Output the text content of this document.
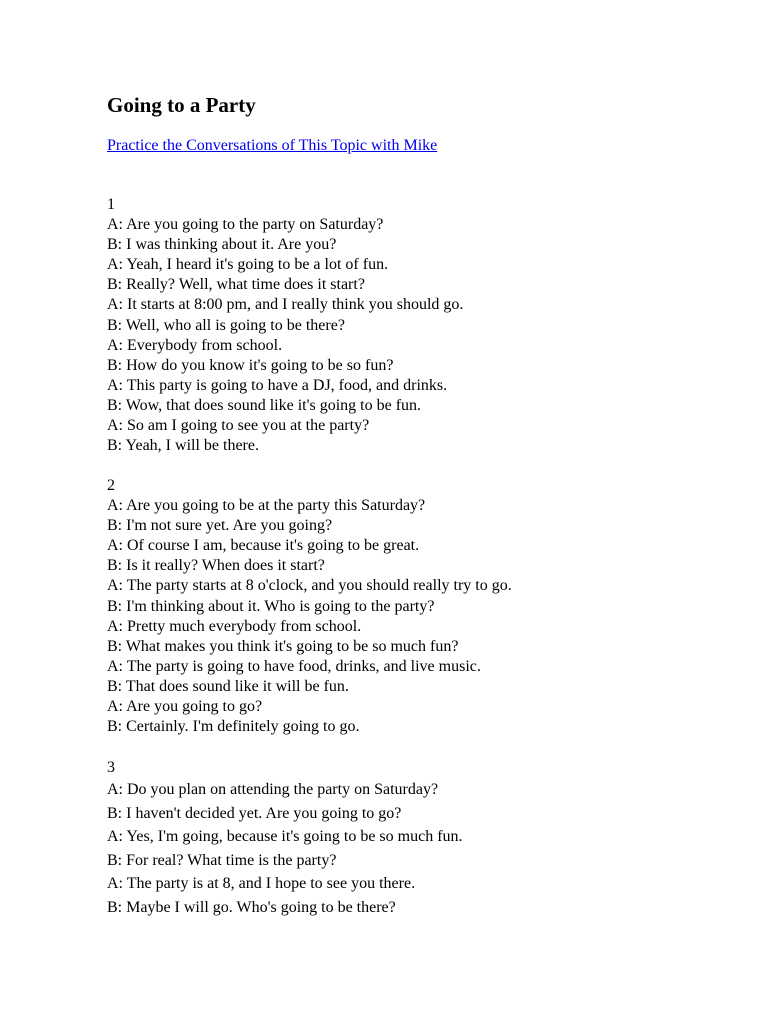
Going to a Party
Practice the Conversations of This Topic with Mike
1
A: Are you going to the party on Saturday?
B: I was thinking about it. Are you?
A: Yeah, I heard it's going to be a lot of fun.
B: Really? Well, what time does it start?
A: It starts at 8:00 pm, and I really think you should go.
B: Well, who all is going to be there?
A: Everybody from school.
B: How do you know it's going to be so fun?
A: This party is going to have a DJ, food, and drinks.
B: Wow, that does sound like it's going to be fun.
A: So am I going to see you at the party?
B: Yeah, I will be there.
2
A: Are you going to be at the party this Saturday?
B: I'm not sure yet. Are you going?
A: Of course I am, because it's going to be great.
B: Is it really? When does it start?
A: The party starts at 8 o'clock, and you should really try to go.
B: I'm thinking about it. Who is going to the party?
A: Pretty much everybody from school.
B: What makes you think it's going to be so much fun?
A: The party is going to have food, drinks, and live music.
B: That does sound like it will be fun.
A: Are you going to go?
B: Certainly. I'm definitely going to go.
3
A: Do you plan on attending the party on Saturday?
B: I haven't decided yet. Are you going to go?
A: Yes, I'm going, because it's going to be so much fun.
B: For real? What time is the party?
A: The party is at 8, and I hope to see you there.
B: Maybe I will go. Who's going to be there?
